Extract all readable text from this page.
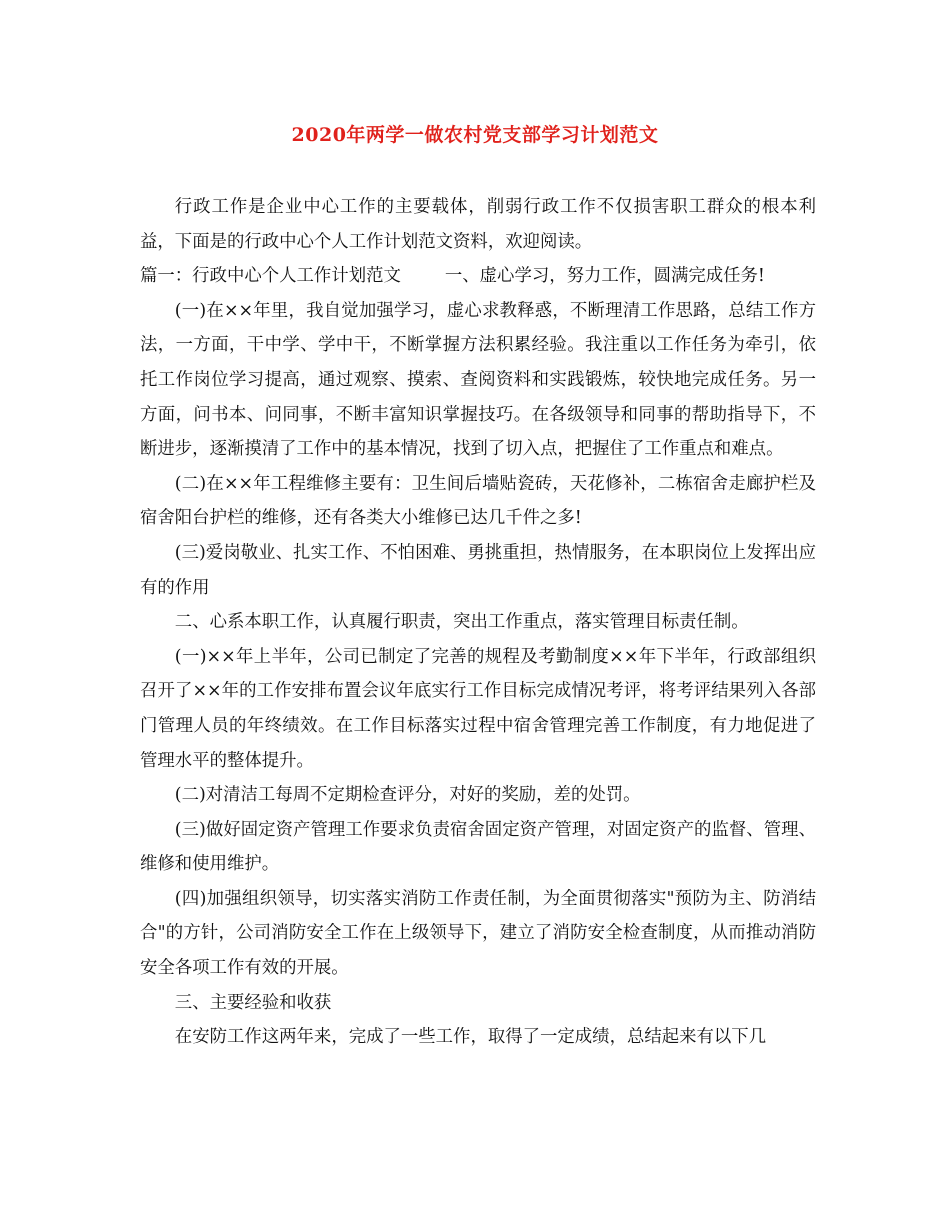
2020年两学一做农村党支部学习计划范文

行政工作是企业中心工作的主要载体，削弱行政工作不仅损害职工群众的根本利益，下面是的行政中心个人工作计划范文资料，欢迎阅读。

篇一：行政中心个人工作计划范文	一、虚心学习，努力工作，圆满完成任务!

(一)在××年里，我自觉加强学习，虚心求教释惑，不断理清工作思路，总结工作方法，一方面，干中学、学中干，不断掌握方法积累经验。我注重以工作任务为牵引，依托工作岗位学习提高，通过观察、摸索、查阅资料和实践锻炼，较快地完成任务。另一方面，问书本、问同事，不断丰富知识掌握技巧。在各级领导和同事的帮助指导下，不断进步，逐渐摸清了工作中的基本情况，找到了切入点，把握住了工作重点和难点。

(二)在××年工程维修主要有：卫生间后墙贴瓷砖，天花修补，二栋宿舍走廊护栏及宿舍阳台护栏的维修，还有各类大小维修已达几千件之多!

(三)爱岗敬业、扎实工作、不怕困难、勇挑重担，热情服务，在本职岗位上发挥出应有的作用

二、心系本职工作，认真履行职责，突出工作重点，落实管理目标责任制。

(一)××年上半年，公司已制定了完善的规程及考勤制度××年下半年，行政部组织召开了××年的工作安排布置会议年底实行工作目标完成情况考评，将考评结果列入各部门管理人员的年终绩效。在工作目标落实过程中宿舍管理完善工作制度，有力地促进了管理水平的整体提升。

(二)对清洁工每周不定期检查评分，对好的奖励，差的处罚。

(三)做好固定资产管理工作要求负责宿舍固定资产管理，对固定资产的监督、管理、维修和使用维护。

(四)加强组织领导，切实落实消防工作责任制，为全面贯彻落实"预防为主、防消结合"的方针，公司消防安全工作在上级领导下，建立了消防安全检查制度，从而推动消防安全各项工作有效的开展。

三、主要经验和收获

在安防工作这两年来，完成了一些工作，取得了一定成绩，总结起来有以下几
